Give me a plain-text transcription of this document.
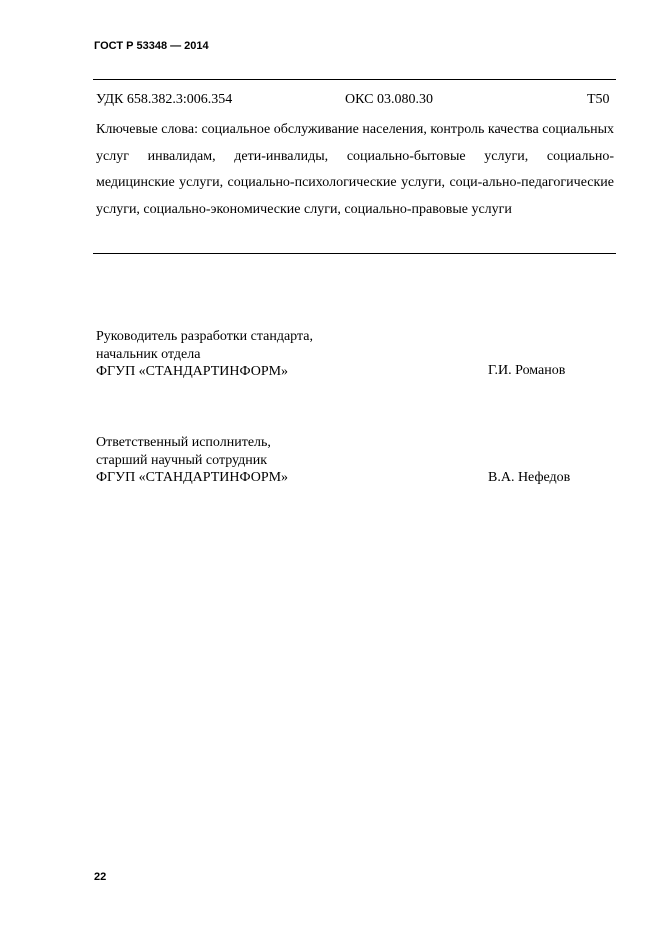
ГОСТ Р 53348 — 2014
УДК 658.382.3:006.354	ОКС 03.080.30	Т50
Ключевые слова: социальное обслуживание населения, контроль качества социальных услуг инвалидам, дети-инвалиды, социально-бытовые услуги, социально-медицинские услуги, социально-психологические услуги, соци-ально-педагогические услуги, социально-экономические слуги, социально-правовые услуги
Руководитель разработки стандарта,
начальник отдела
ФГУП «СТАНДАРТИНФОРМ»	Г.И. Романов
Ответственный исполнитель,
старший научный сотрудник
ФГУП «СТАНДАРТИНФОРМ»	В.А. Нефедов
22
